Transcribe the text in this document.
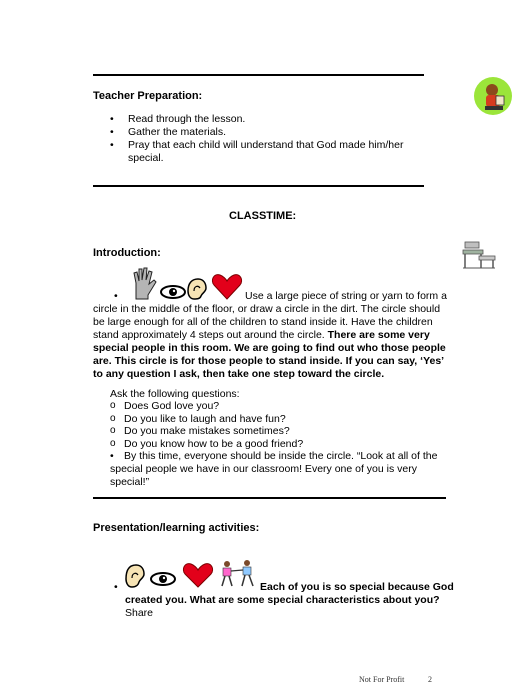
Teacher Preparation:
• Read through the lesson.
• Gather the materials.
• Pray that each child will understand that God made him/her special.
CLASSTIME:
Introduction:
•	Use a large piece of string or yarn to form a circle in the middle of the floor, or draw a circle in the dirt. The circle should be large enough for all of the children to stand inside it. Have the children stand approximately 4 steps out around the circle. There are some very special people in this room. We are going to find out who those people are. This circle is for those people to stand inside. If you can say, ‘Yes’ to any question I ask, then take one step toward the circle.
Ask the following questions:
o Does God love you?
o Do you like to laugh and have fun?
o Do you make mistakes sometimes?
o Do you know how to be a good friend?
• By this time, everyone should be inside the circle. “Look at all of the special people we have in our classroom! Every one of you is very special!”
Presentation/learning activities:
•	Each of you is so special because God created you. What are some special characteristics about you? Share
Not For Profit	2
